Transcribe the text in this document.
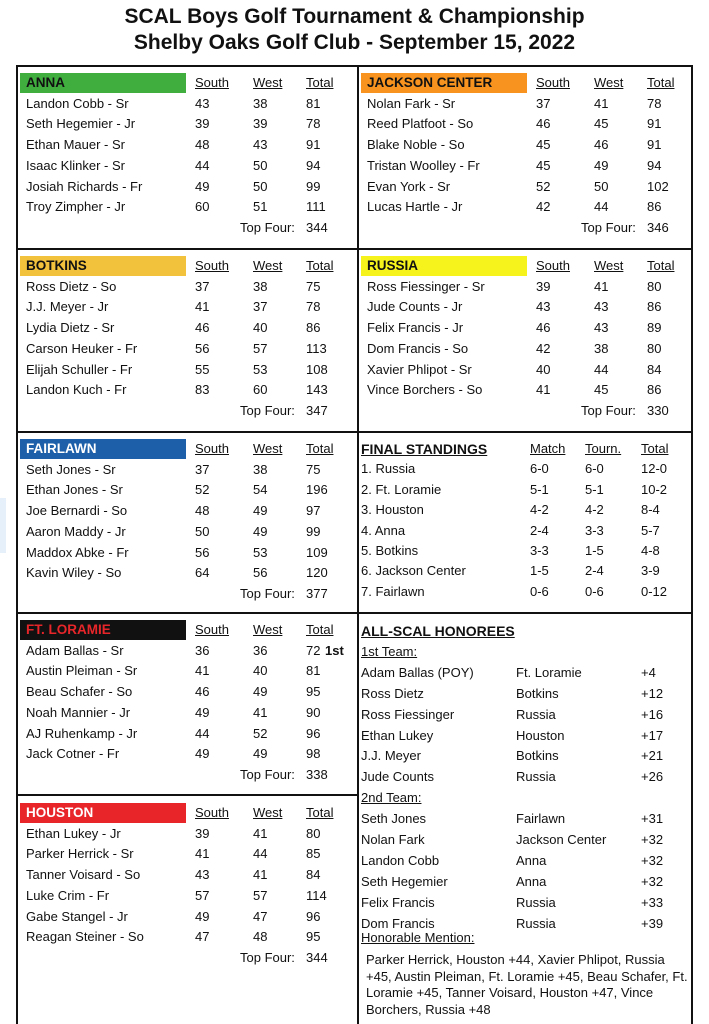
SCAL Boys Golf Tournament & Championship
Shelby Oaks Golf Club - September 15, 2022
ANNA	South West Total
Landon Cobb - Sr	43	38	81
Seth Hegemier - Jr	39	39	78
Ethan Mauer - Sr	48	43	91
Isaac Klinker - Sr	44	50	94
Josiah Richards - Fr	49	50	99
Troy Zimpher - Jr	60	51	111
Top Four: 344
JACKSON CENTER	South West Total
Nolan Fark - Sr	37	41	78
Reed Platfoot - So	46	45	91
Blake Noble - So	45	46	91
Tristan Woolley - Fr	45	49	94
Evan York - Sr	52	50	102
Lucas Hartle - Jr	42	44	86
Top Four: 346
BOTKINS	South West Total
Ross Dietz - So	37	38	75
J.J. Meyer - Jr	41	37	78
Lydia Dietz - Sr	46	40	86
Carson Heuker - Fr	56	57	113
Elijah Schuller - Fr	55	53	108
Landon Kuch - Fr	83	60	143
Top Four: 347
RUSSIA	South West Total
Ross Fiessinger - Sr	39	41	80
Jude Counts - Jr	43	43	86
Felix Francis - Jr	46	43	89
Dom Francis - So	42	38	80
Xavier Phlipot - Sr	40	44	84
Vince Borchers - So	41	45	86
Top Four: 330
FAIRLAWN	South West Total
Seth Jones - Sr	37	38	75
Ethan Jones - Sr	52	54	196
Joe Bernardi - So	48	49	97
Aaron Maddy - Jr	50	49	99
Maddox Abke - Fr	56	53	109
Kavin Wiley - So	64	56	120
Top Four: 377
FT. LORAMIE	South West Total
Adam Ballas - Sr	36	36	72 1st
Austin Pleiman - Sr	41	40	81
Beau Schafer - So	46	49	95
Noah Mannier - Jr	49	41	90
AJ Ruhenkamp - Jr	44	52	96
Jack Cotner - Fr	49	49	98
Top Four: 338
HOUSTON	South West Total
Ethan Lukey - Jr	39	41	80
Parker Herrick - Sr	41	44	85
Tanner Voisard - So	43	41	84
Luke Crim - Fr	57	57	114
Gabe Stangel - Jr	49	47	96
Reagan Steiner - So	47	48	95
Top Four: 344
FINAL STANDINGS	Match Tourn. Total
1. Russia	6-0	6-0	12-0
2. Ft. Loramie	5-1	5-1	10-2
3. Houston	4-2	4-2	8-4
4. Anna	2-4	3-3	5-7
5. Botkins	3-3	1-5	4-8
6. Jackson Center	1-5	2-4	3-9
7. Fairlawn	0-6	0-6	0-12
ALL-SCAL HONOREES
1st Team:
Adam Ballas (POY)	Ft. Loramie	+4
Ross Dietz	Botkins	+12
Ross Fiessinger	Russia	+16
Ethan Lukey	Houston	+17
J.J. Meyer	Botkins	+21
Jude Counts	Russia	+26
2nd Team:
Seth Jones	Fairlawn	+31
Nolan Fark	Jackson Center	+32
Landon Cobb	Anna	+32
Seth Hegemier	Anna	+32
Felix Francis	Russia	+33
Dom Francis	Russia	+39
Honorable Mention:
Parker Herrick, Houston +44, Xavier Phlipot, Russia +45, Austin Pleiman, Ft. Loramie +45, Beau Schafer, Ft. Loramie +45, Tanner Voisard, Houston +47, Vince Borchers, Russia +48
